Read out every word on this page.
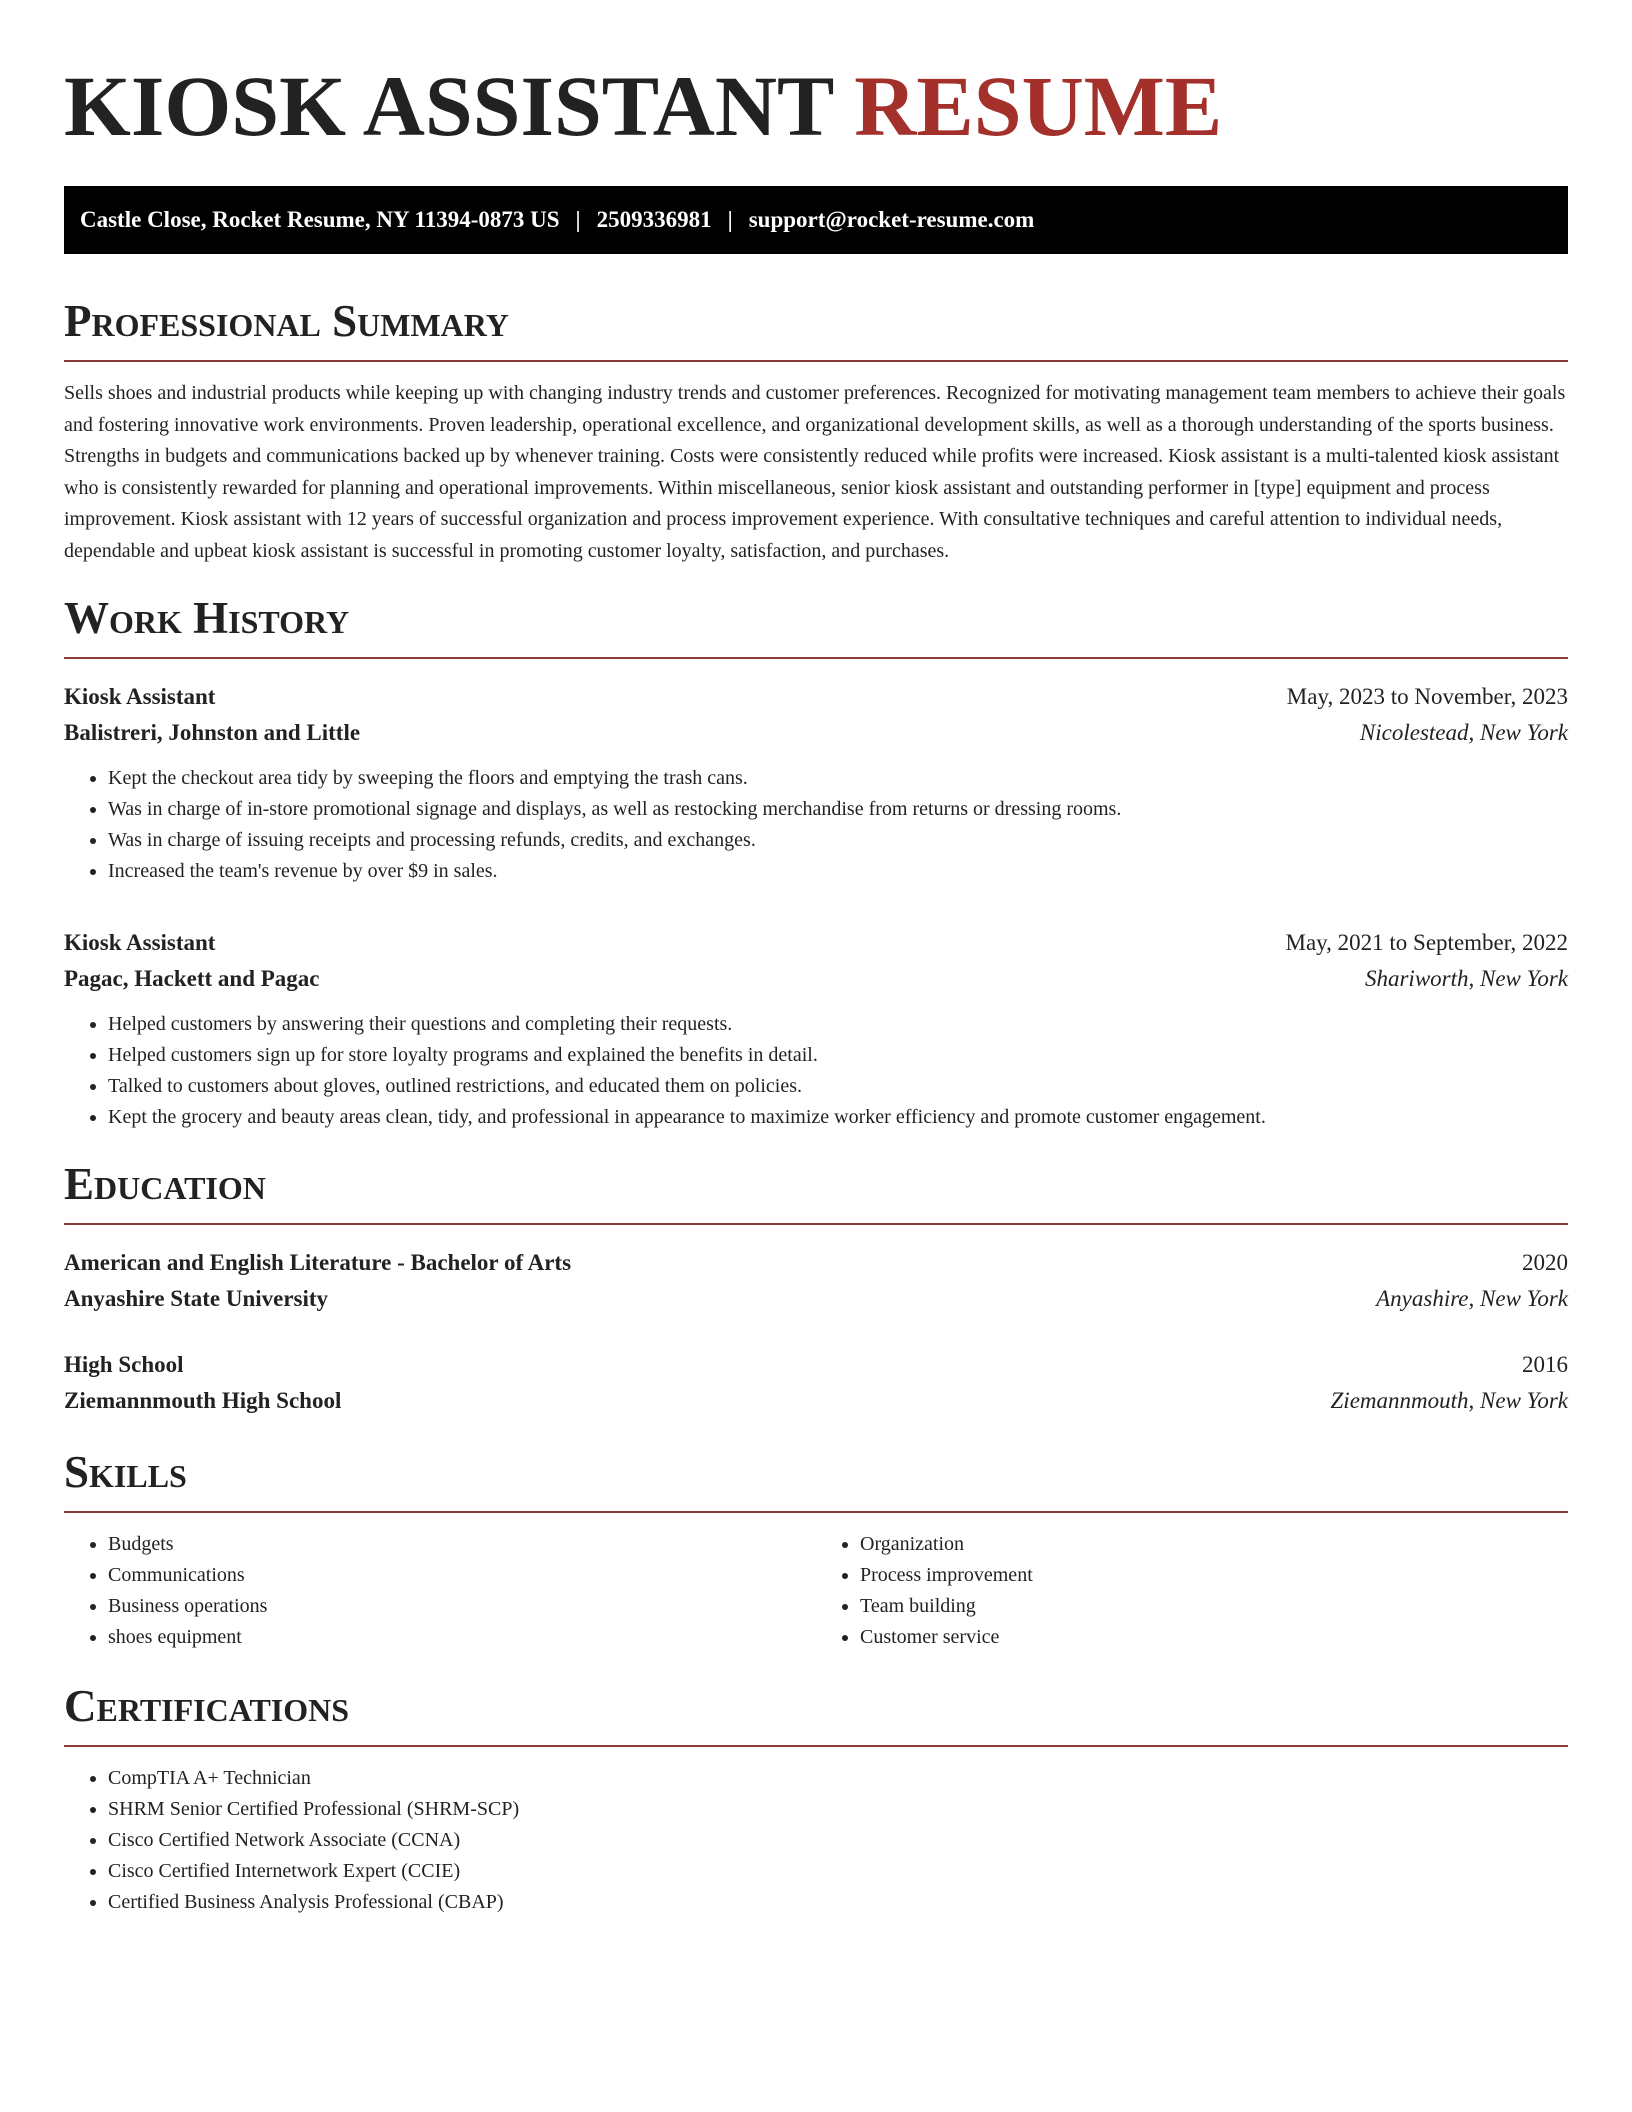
KIOSK ASSISTANT RESUME
Castle Close, Rocket Resume, NY 11394-0873 US | 2509336981 | support@rocket-resume.com
Professional Summary
Sells shoes and industrial products while keeping up with changing industry trends and customer preferences. Recognized for motivating management team members to achieve their goals and fostering innovative work environments. Proven leadership, operational excellence, and organizational development skills, as well as a thorough understanding of the sports business. Strengths in budgets and communications backed up by whenever training. Costs were consistently reduced while profits were increased. Kiosk assistant is a multi-talented kiosk assistant who is consistently rewarded for planning and operational improvements. Within miscellaneous, senior kiosk assistant and outstanding performer in [type] equipment and process improvement. Kiosk assistant with 12 years of successful organization and process improvement experience. With consultative techniques and careful attention to individual needs, dependable and upbeat kiosk assistant is successful in promoting customer loyalty, satisfaction, and purchases.
Work History
Kiosk Assistant	May, 2023 to November, 2023
Balistreri, Johnston and Little	Nicolestead, New York
• Kept the checkout area tidy by sweeping the floors and emptying the trash cans.
• Was in charge of in-store promotional signage and displays, as well as restocking merchandise from returns or dressing rooms.
• Was in charge of issuing receipts and processing refunds, credits, and exchanges.
• Increased the team's revenue by over $9 in sales.
Kiosk Assistant	May, 2021 to September, 2022
Pagac, Hackett and Pagac	Shariworth, New York
• Helped customers by answering their questions and completing their requests.
• Helped customers sign up for store loyalty programs and explained the benefits in detail.
• Talked to customers about gloves, outlined restrictions, and educated them on policies.
• Kept the grocery and beauty areas clean, tidy, and professional in appearance to maximize worker efficiency and promote customer engagement.
Education
American and English Literature - Bachelor of Arts	2020
Anyashire State University	Anyashire, New York
High School	2016
Ziemannmouth High School	Ziemannmouth, New York
Skills
• Budgets
• Communications
• Business operations
• shoes equipment
• Organization
• Process improvement
• Team building
• Customer service
Certifications
• CompTIA A+ Technician
• SHRM Senior Certified Professional (SHRM-SCP)
• Cisco Certified Network Associate (CCNA)
• Cisco Certified Internetwork Expert (CCIE)
• Certified Business Analysis Professional (CBAP)
